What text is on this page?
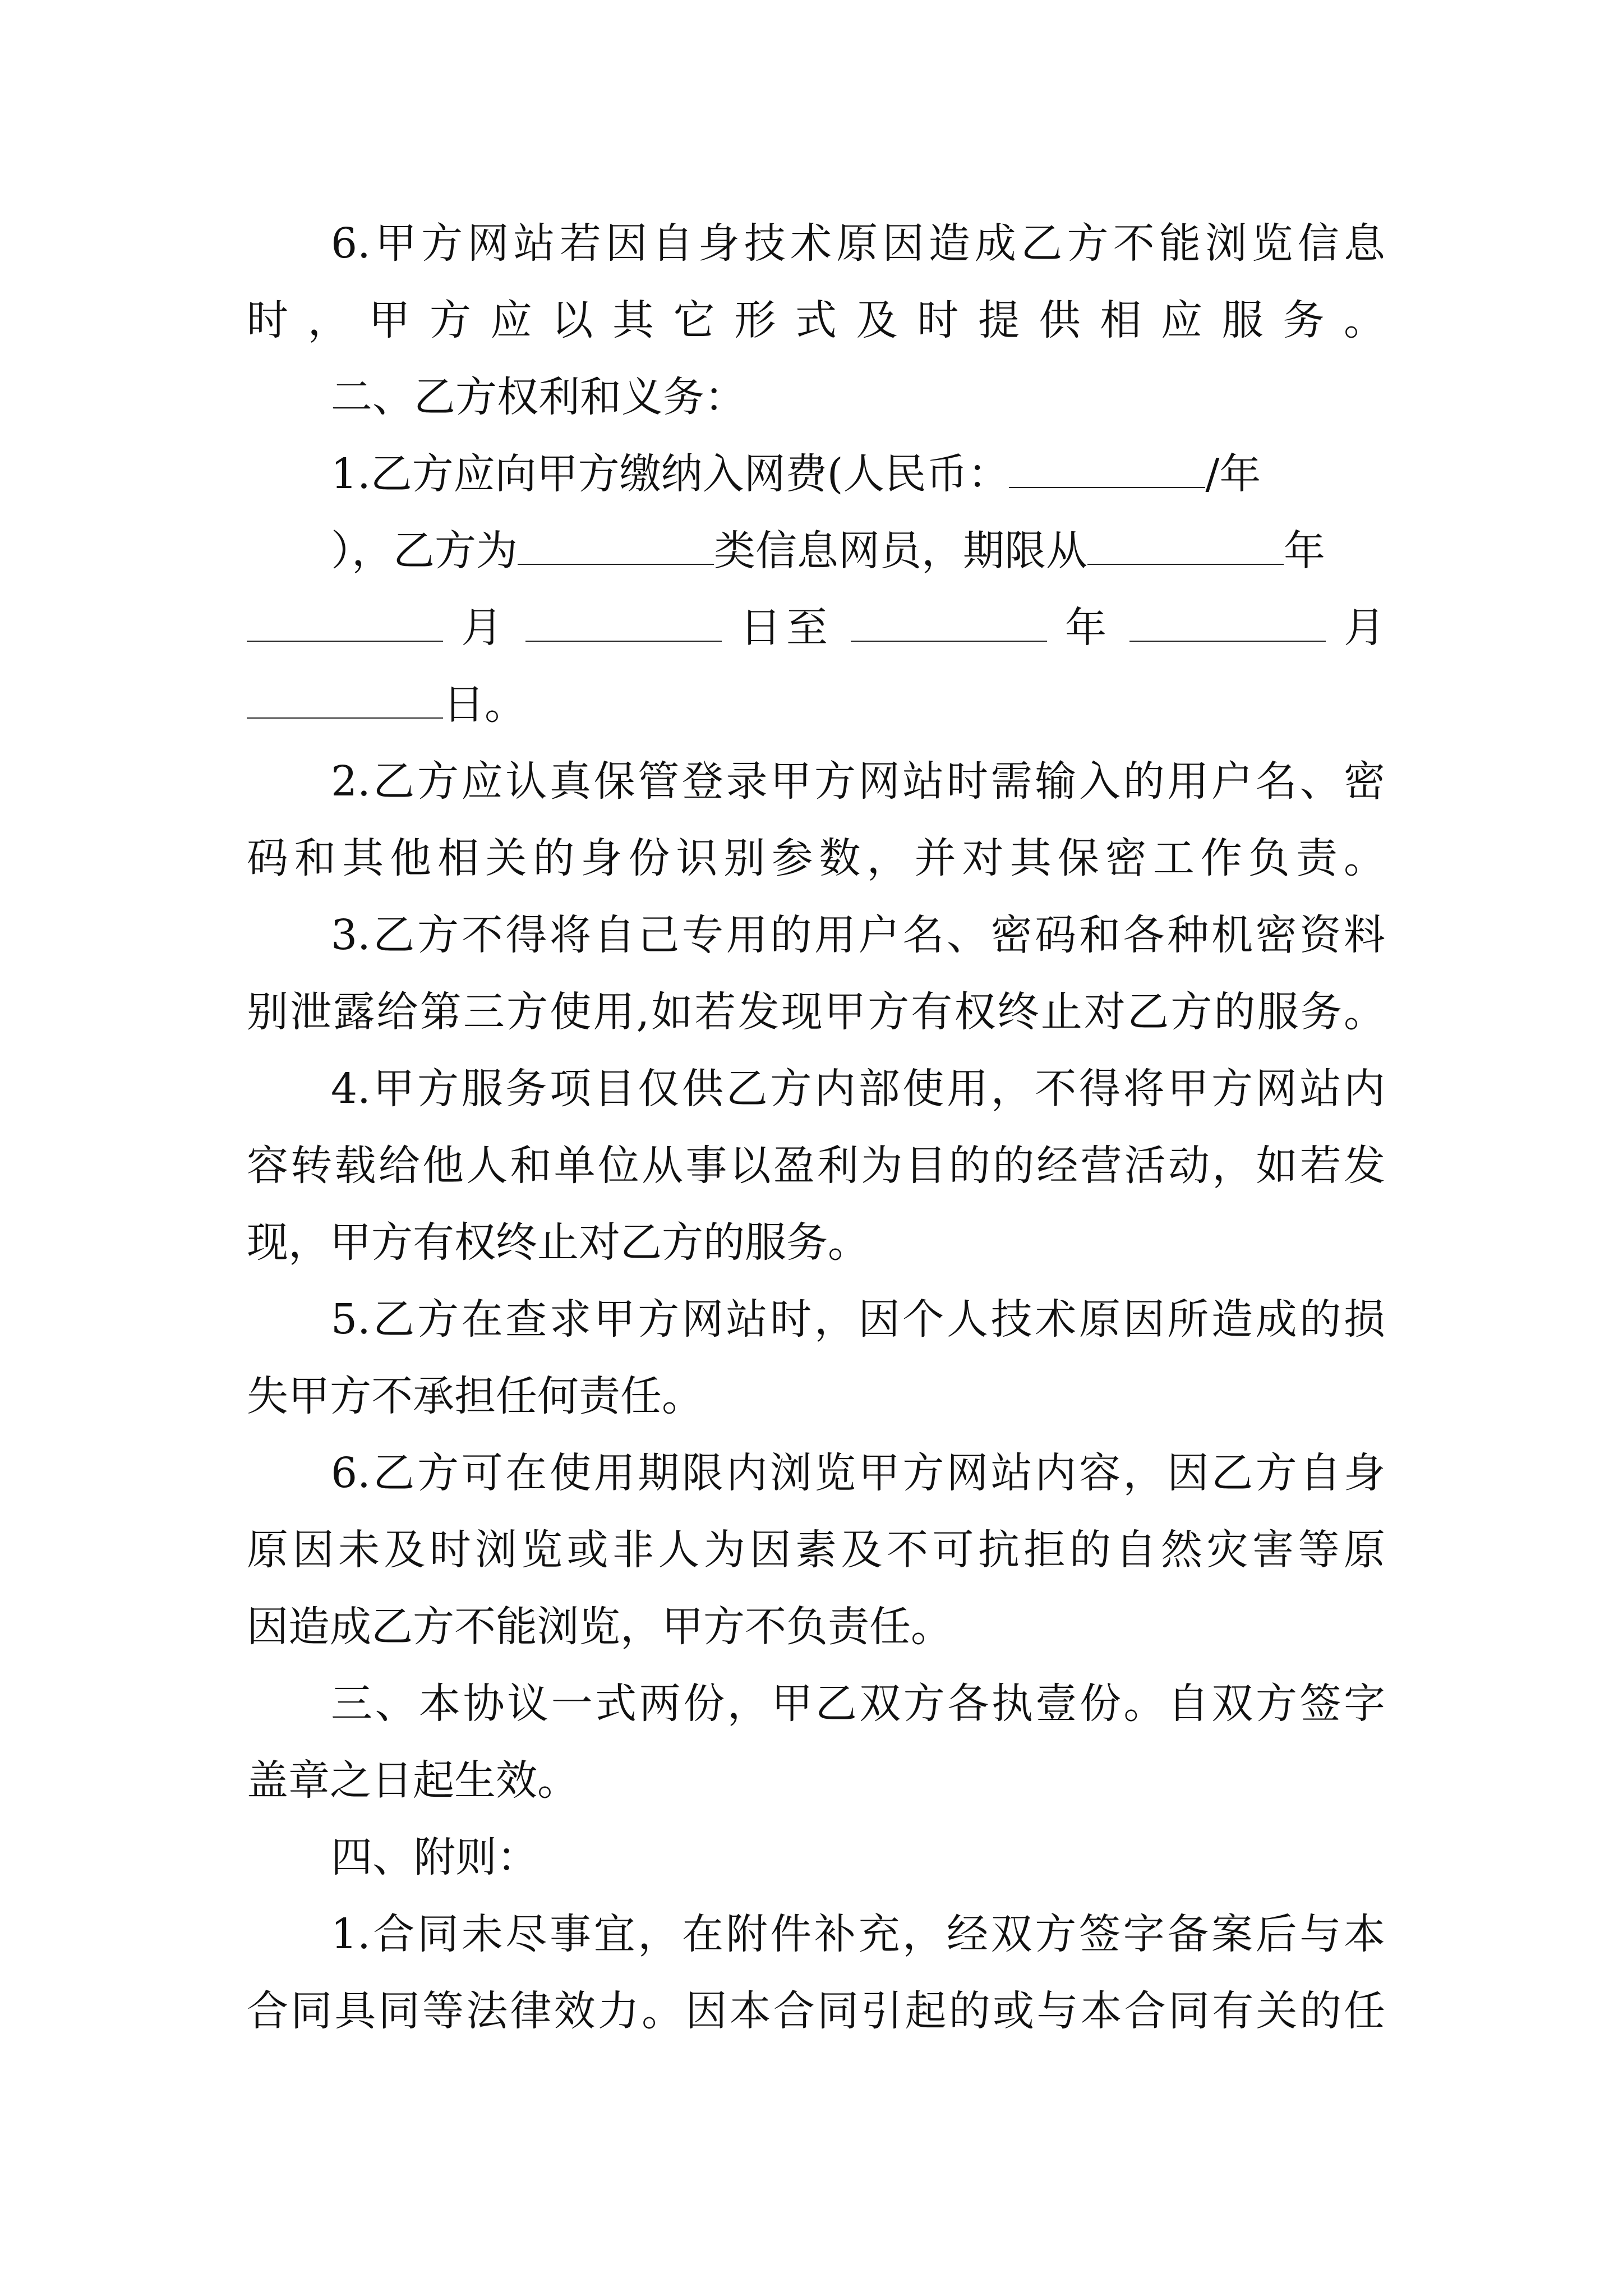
6.甲方网站若因自身技术原因造成乙方不能浏览信息
时，甲方应以其它形式及时提供相应服务。
二、乙方权利和义务：
1.乙方应向甲方缴纳入网费(人民币：	/年
），乙方为	类信息网员，期限从	年
月	日至	年	月
日。
2.乙方应认真保管登录甲方网站时需输入的用户名、密
码和其他相关的身份识别参数，并对其保密工作负责。
3.乙方不得将自己专用的用户名、密码和各种机密资料
别泄露给第三方使用,如若发现甲方有权终止对乙方的服务。
4.甲方服务项目仅供乙方内部使用，不得将甲方网站内
容转载给他人和单位从事以盈利为目的的经营活动，如若发
现，甲方有权终止对乙方的服务。
5.乙方在查求甲方网站时，因个人技术原因所造成的损
失甲方不承担任何责任。
6.乙方可在使用期限内浏览甲方网站内容，因乙方自身
原因未及时浏览或非人为因素及不可抗拒的自然灾害等原
因造成乙方不能浏览，甲方不负责任。
三、本协议一式两份，甲乙双方各执壹份。自双方签字
盖章之日起生效。
四、附则：
1.合同未尽事宜，在附件补充，经双方签字备案后与本
合同具同等法律效力。因本合同引起的或与本合同有关的任
